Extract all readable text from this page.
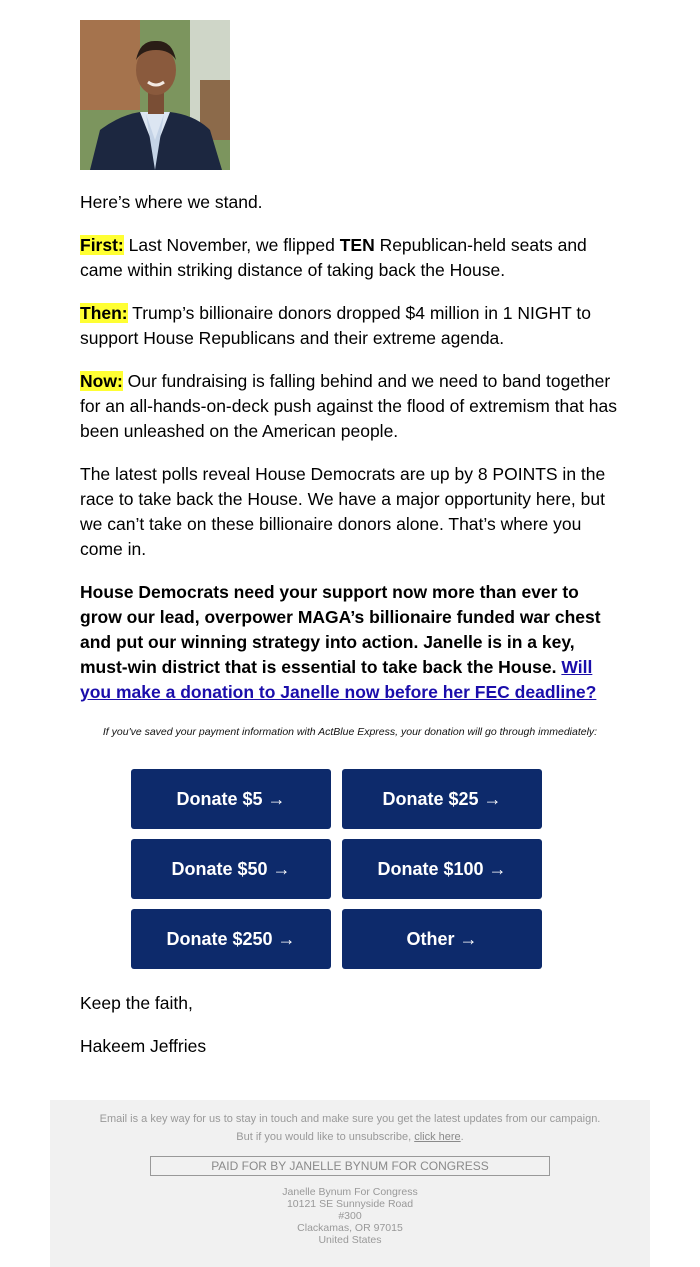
Here’s where we stand.

First: Last November, we flipped TEN Republican-held seats and came within striking distance of taking back the House.

Then: Trump’s billionaire donors dropped $4 million in 1 NIGHT to support House Republicans and their extreme agenda.

Now: Our fundraising is falling behind and we need to band together for an all-hands-on-deck push against the flood of extremism that has been unleashed on the American people.

The latest polls reveal House Democrats are up by 8 POINTS in the race to take back the House. We have a major opportunity here, but we can’t take on these billionaire donors alone. That’s where you come in.

House Democrats need your support now more than ever to grow our lead, overpower MAGA’s billionaire funded war chest and put our winning strategy into action. Janelle is in a key, must-win district that is essential to take back the House. Will you make a donation to Janelle now before her FEC deadline?

If you've saved your payment information with ActBlue Express, your donation will go through immediately:
Donate $5 →	Donate $25 →
Donate $50 →	Donate $100 →
Donate $250 →	Other →
Keep the faith,
Hakeem Jeffries
Email is a key way for us to stay in touch and make sure you get the latest updates from our campaign.
But if you would like to unsubscribe, click here.
PAID FOR BY JANELLE BYNUM FOR CONGRESS
Janelle Bynum For Congress
10121 SE Sunnyside Road
#300
Clackamas, OR 97015
United States
